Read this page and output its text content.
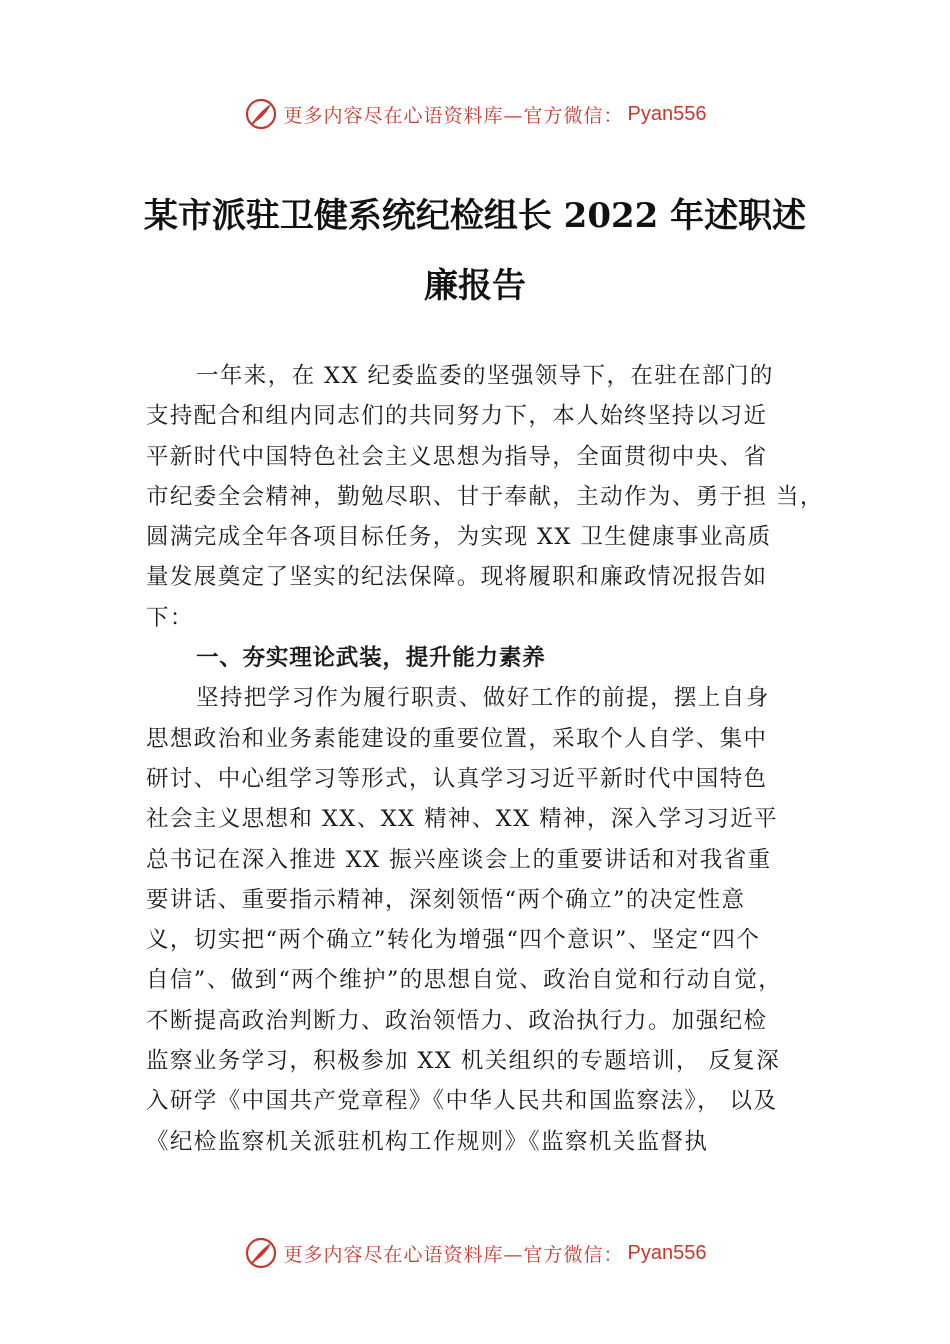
更多内容尽在心语资料库—官方微信： Pyan556
某市派驻卫健系统纪检组长 2022 年述职述
廉报告
一年来，在 XX 纪委监委的坚强领导下，在驻在部门的
支持配合和组内同志们的共同努力下，本人始终坚持以习近
平新时代中国特色社会主义思想为指导，全面贯彻中央、省
市纪委全会精神，勤勉尽职、甘于奉献，主动作为、勇于担 当，
圆满完成全年各项目标任务，为实现 XX 卫生健康事业高质
量发展奠定了坚实的纪法保障。现将履职和廉政情况报告如
下：
一、夯实理论武装，提升能力素养
坚持把学习作为履行职责、做好工作的前提，摆上自身
思想政治和业务素能建设的重要位置，采取个人自学、集中
研讨、中心组学习等形式，认真学习习近平新时代中国特色
社会主义思想和 XX、XX 精神、XX 精神，深入学习习近平
总书记在深入推进 XX 振兴座谈会上的重要讲话和对我省重
要讲话、重要指示精神，深刻领悟“两个确立”的决定性意
义，切实把“两个确立”转化为增强“四个意识”、坚定“四个
自信”、做到“两个维护”的思想自觉、政治自觉和行动自觉，
不断提高政治判断力、政治领悟力、政治执行力。加强纪检
监察业务学习，积极参加 XX 机关组织的专题培训， 反复深
入研学《中国共产党章程》《中华人民共和国监察法》， 以及
《纪检监察机关派驻机构工作规则》《监察机关监督执
更多内容尽在心语资料库—官方微信： Pyan556
